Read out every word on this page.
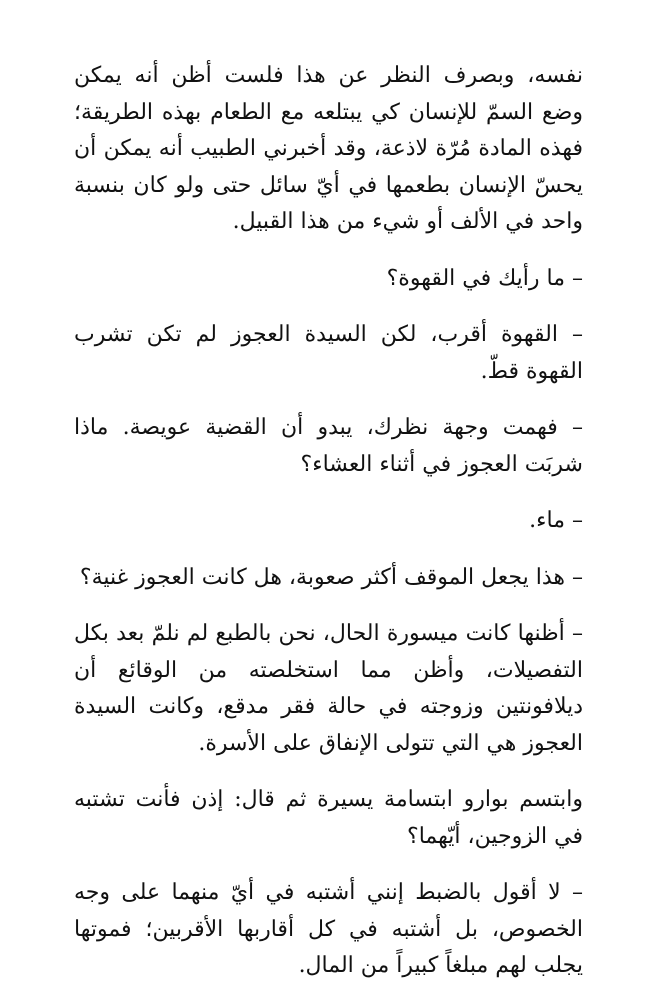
نفسه، وبصرف النظر عن هذا فلست أظن أنه يمكن وضع السمّ للإنسان كي يبتلعه مع الطعام بهذه الطريقة؛ فهذه المادة مُرّة لاذعة، وقد أخبرني الطبيب أنه يمكن أن يحسّ الإنسان بطعمها في أيّ سائل حتى ولو كان بنسبة واحد في الألف أو شيء من هذا القبيل.

– ما رأيك في القهوة؟

– القهوة أقرب، لكن السيدة العجوز لم تكن تشرب القهوة قطّ.

– فهمت وجهة نظرك، يبدو أن القضية عويصة. ماذا شربَت العجوز في أثناء العشاء؟

– ماء.

– هذا يجعل الموقف أكثر صعوبة، هل كانت العجوز غنية؟

– أظنها كانت ميسورة الحال، نحن بالطبع لم نلمّ بعد بكل التفصيلات، وأظن مما استخلصته من الوقائع أن ديلافونتين وزوجته في حالة فقر مدقع، وكانت السيدة العجوز هي التي تتولى الإنفاق على الأسرة.

وابتسم بوارو ابتسامة يسيرة ثم قال: إذن فأنت تشتبه في الزوجين، أيّهما؟

– لا أقول بالضبط إنني أشتبه في أيّ منهما على وجه الخصوص، بل أشتبه في كل أقاربها الأقربين؛ فموتها يجلب لهم مبلغاً كبيراً من المال.
